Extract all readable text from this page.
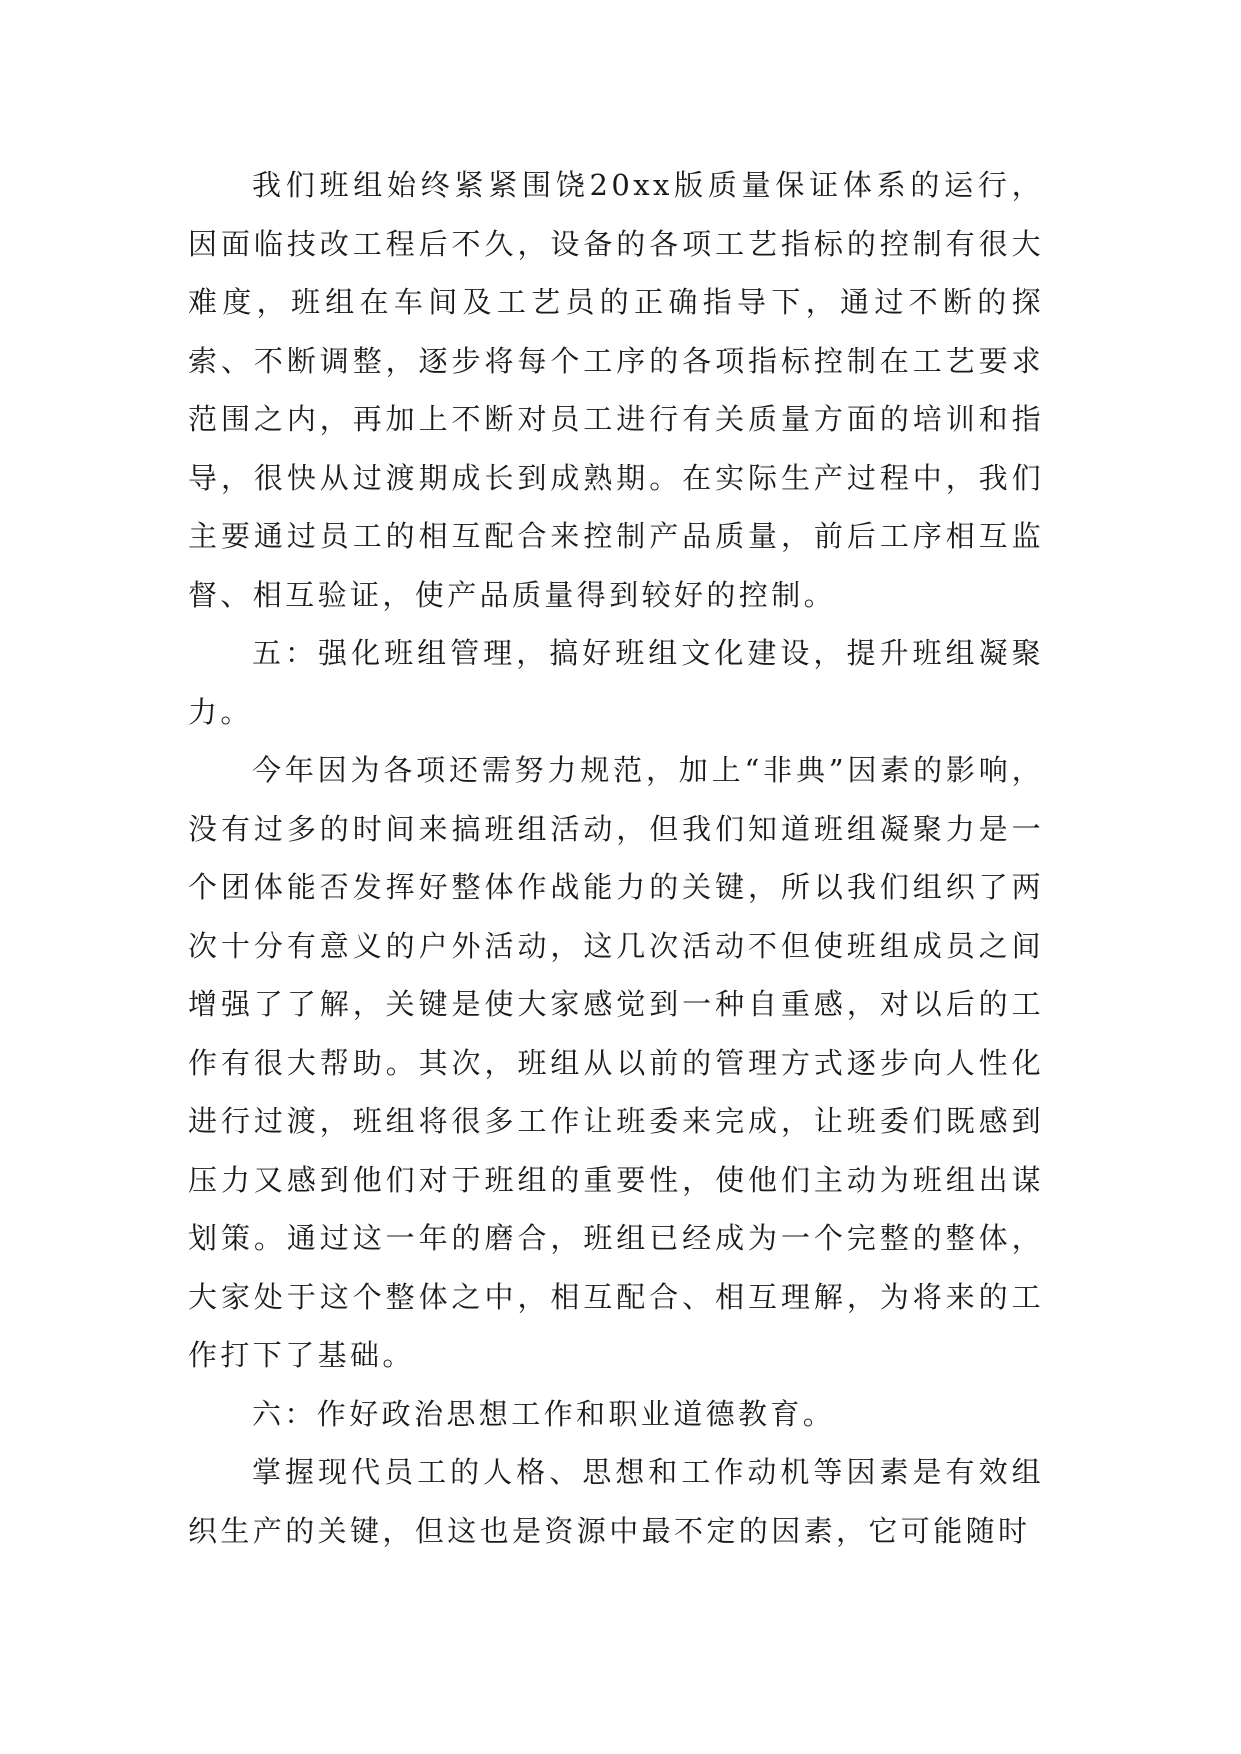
我们班组始终紧紧围饶20xx版质量保证体系的运行，因面临技改工程后不久，设备的各项工艺指标的控制有很大难度，班组在车间及工艺员的正确指导下，通过不断的探索、不断调整，逐步将每个工序的各项指标控制在工艺要求范围之内，再加上不断对员工进行有关质量方面的培训和指导，很快从过渡期成长到成熟期。在实际生产过程中，我们主要通过员工的相互配合来控制产品质量，前后工序相互监督、相互验证，使产品质量得到较好的控制。

五：强化班组管理，搞好班组文化建设，提升班组凝聚力。

今年因为各项还需努力规范，加上“非典”因素的影响，没有过多的时间来搞班组活动，但我们知道班组凝聚力是一个团体能否发挥好整体作战能力的关键，所以我们组织了两次十分有意义的户外活动，这几次活动不但使班组成员之间增强了了解，关键是使大家感觉到一种自重感，对以后的工作有很大帮助。其次，班组从以前的管理方式逐步向人性化进行过渡，班组将很多工作让班委来完成，让班委们既感到压力又感到他们对于班组的重要性，使他们主动为班组出谋划策。通过这一年的磨合，班组已经成为一个完整的整体，大家处于这个整体之中，相互配合、相互理解，为将来的工作打下了基础。

六：作好政治思想工作和职业道德教育。

掌握现代员工的人格、思想和工作动机等因素是有效组织生产的关键，但这也是资源中最不定的因素，它可能随时
